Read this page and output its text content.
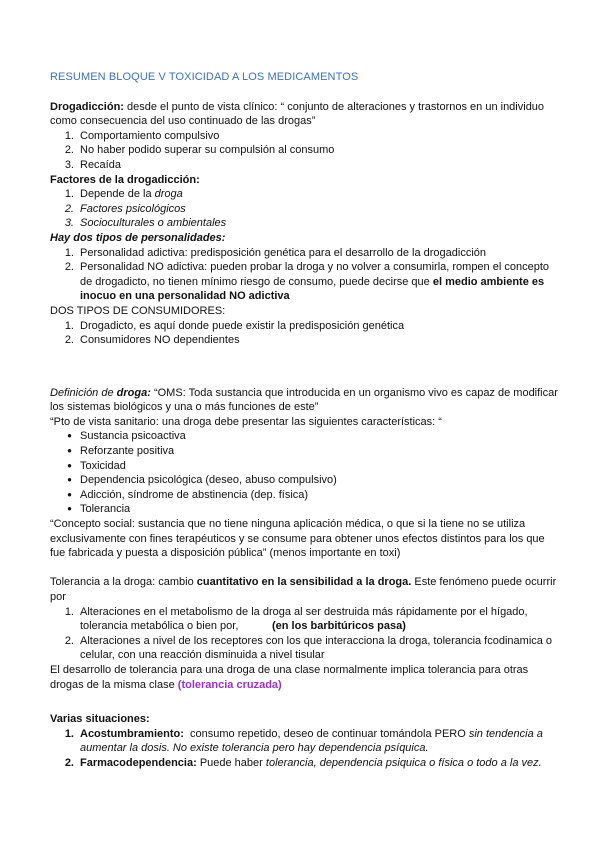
RESUMEN BLOQUE V TOXICIDAD A LOS MEDICAMENTOS

Drogadicción: desde el punto de vista clínico: “ conjunto de alteraciones y trastornos en un individuo como consecuencia del uso continuado de las drogas”

1. Comportamiento compulsivo
2. No haber podido superar su compulsión al consumo
3. Recaída

Factores de la drogadicción:

1. Depende de la droga
2. Factores psicológicos
3. Socioculturales o ambientales

Hay dos tipos de personalidades:

1. Personalidad adictiva: predisposición genética para el desarrollo de la drogadicción
2. Personalidad NO adictiva: pueden probar la droga y no volver a consumirla, rompen el concepto de drogadicto, no tienen mínimo riesgo de consumo, puede decirse que el medio ambiente es inocuo en una personalidad NO adictiva

DOS TIPOS DE CONSUMIDORES:

1. Drogadicto, es aquí donde puede existir la predisposición genética
2. Consumidores NO dependientes

Definición de droga: “OMS: Toda sustancia que introducida en un organismo vivo es capaz de modificar los sistemas biológicos y una o más funciones de este”

“Pto de vista sanitario: una droga debe presentar las siguientes características: “

● Sustancia psicoactiva
● Reforzante positiva
● Toxicidad
● Dependencia psicológica (deseo, abuso compulsivo)
● Adicción, síndrome de abstinencia (dep. física)
● Tolerancia

“Concepto social: sustancia que no tiene ninguna aplicación médica, o que si la tiene no se utiliza exclusivamente con fines terapéuticos y se consume para obtener unos efectos distintos para los que fue fabricada y puesta a disposición pública” (menos importante en toxi)

Tolerancia a la droga: cambio cuantitativo en la sensibilidad a la droga. Este fenómeno puede ocurrir por

1. Alteraciones en el metabolismo de la droga al ser destruida más rápidamente por el hígado, tolerancia metabólica o bien por,           (en los barbitúricos pasa)
2. Alteraciones a nivel de los receptores con los que interacciona la droga, tolerancia fcodinamica o celular, con una reacción disminuida a nivel tisular

El desarrollo de tolerancia para una droga de una clase normalmente implica tolerancia para otras drogas de la misma clase (tolerancia cruzada)

Varias situaciones:

1. Acostumbramiento:  consumo repetido, deseo de continuar tomándola PERO sin tendencia a aumentar la dosis. No existe tolerancia pero hay dependencia psíquica.
2. Farmacodependencia: Puede haber tolerancia, dependencia psiquica o física o todo a la vez.
